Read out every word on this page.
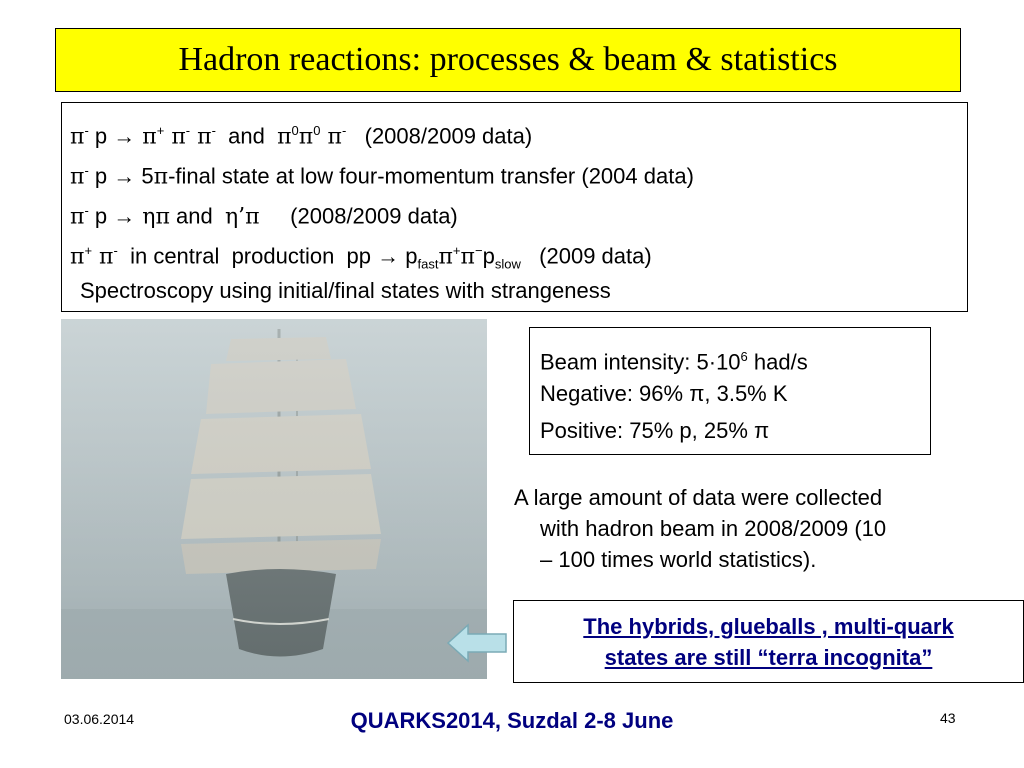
Hadron reactions: processes & beam & statistics
π- p → π+ π- π-  and  $\pi^0\pi^0$ π-   (2008/2009 data)
π- p → 5π-final state at low four-momentum transfer (2004 data)
π- p → ηπ and  η’π     (2008/2009 data)
π+ π-  in central  production  pp → $p_{fast}\pi^+\pi^-p_{slow}$   (2009 data)
Spectroscopy using initial/final states with strangeness
Beam intensity: $5\cdot 10^6$ had/s
Negative: 96% π, 3.5% K
Positive: 75% p, 25% π
A large amount of data were collected
with hadron beam in 2008/2009 (10
– 100 times world statistics).
The hybrids, glueballs , multi-quark
states are still “terra incognita”
03.06.2014	QUARKS2014, Suzdal 2-8 June	43
